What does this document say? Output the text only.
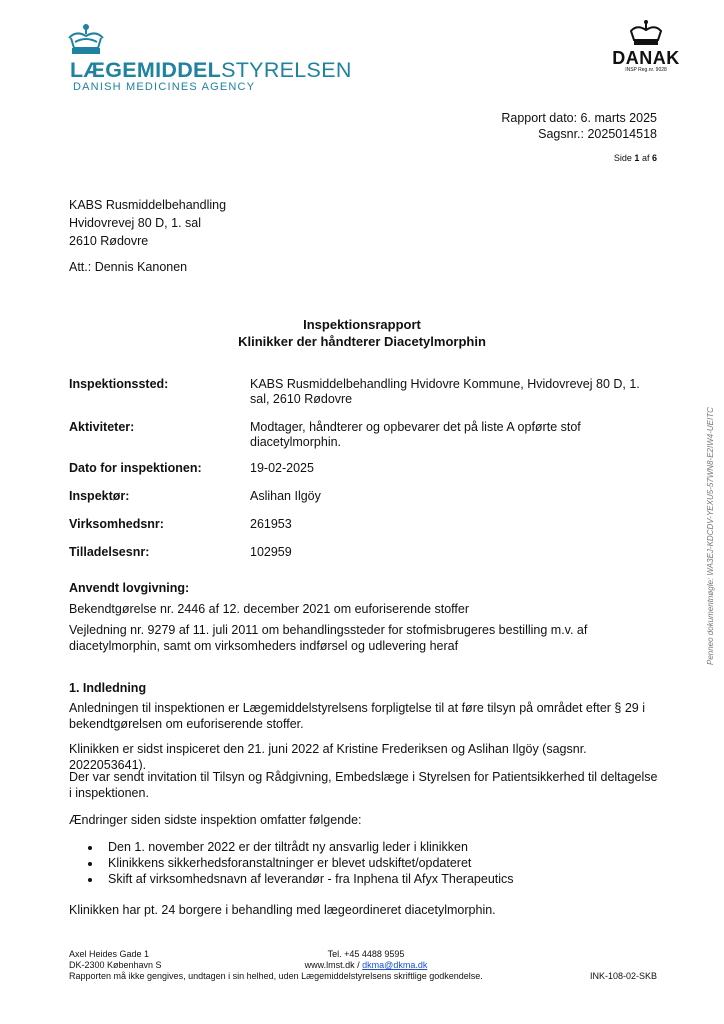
LÆGEMIDDELSTYRELSEN
DANISH MEDICINES AGENCY
DANAK
INSP Reg.nr. 9028
Rapport dato: 6. marts 2025
Sagsnr.: 2025014518
Side 1 af 6
KABS Rusmiddelbehandling
Hvidovrevej 80 D, 1. sal
2610 Rødovre
Att.: Dennis Kanonen
Inspektionsrapport
Klinikker der håndterer Diacetylmorphin
Inspektionssted:	KABS Rusmiddelbehandling Hvidovre Kommune, Hvidovrevej 80 D, 1. sal, 2610 Rødovre
Aktiviteter:	Modtager, håndterer og opbevarer det på liste A opførte stof diacetylmorphin.
Dato for inspektionen:	19-02-2025
Inspektør:	Aslihan Ilgöy
Virksomhedsnr:	261953
Tilladelsesnr:	102959
Anvendt lovgivning:
Bekendtgørelse nr. 2446 af 12. december 2021 om euforiserende stoffer
Vejledning nr. 9279 af 11. juli 2011 om behandlingssteder for stofmisbrugeres bestilling m.v. af diacetylmorphin, samt om virksomheders indførsel og udlevering heraf
1. Indledning
Anledningen til inspektionen er Lægemiddelstyrelsens forpligtelse til at føre tilsyn på området efter § 29 i bekendtgørelsen om euforiserende stoffer.
Klinikken er sidst inspiceret den 21. juni 2022 af Kristine Frederiksen og Aslihan Ilgöy (sagsnr. 2022053641).
Der var sendt invitation til Tilsyn og Rådgivning, Embedslæge i Styrelsen for Patientsikkerhed til deltagelse i inspektionen.
Ændringer siden sidste inspektion omfatter følgende:
• Den 1. november 2022 er der tiltrådt ny ansvarlig leder i klinikken
• Klinikkens sikkerhedsforanstaltninger er blevet udskiftet/opdateret
• Skift af virksomhedsnavn af leverandør - fra Inphena til Afyx Therapeutics
Klinikken har pt. 24 borgere i behandling med lægeordineret diacetylmorphin.
Axel Heides Gade 1
DK-2300 København S
Tel. +45 4488 9595
www.lmst.dk / dkma@dkma.dk
Rapporten må ikke gengives, undtagen i sin helhed, uden Lægemiddelstyrelsens skriftlige godkendelse.	INK-108-02-SKB
Penneo dokumentnøgle: WA3EJ-KDCDV-YEXU5-57WN8-E2IW4-UEITC
